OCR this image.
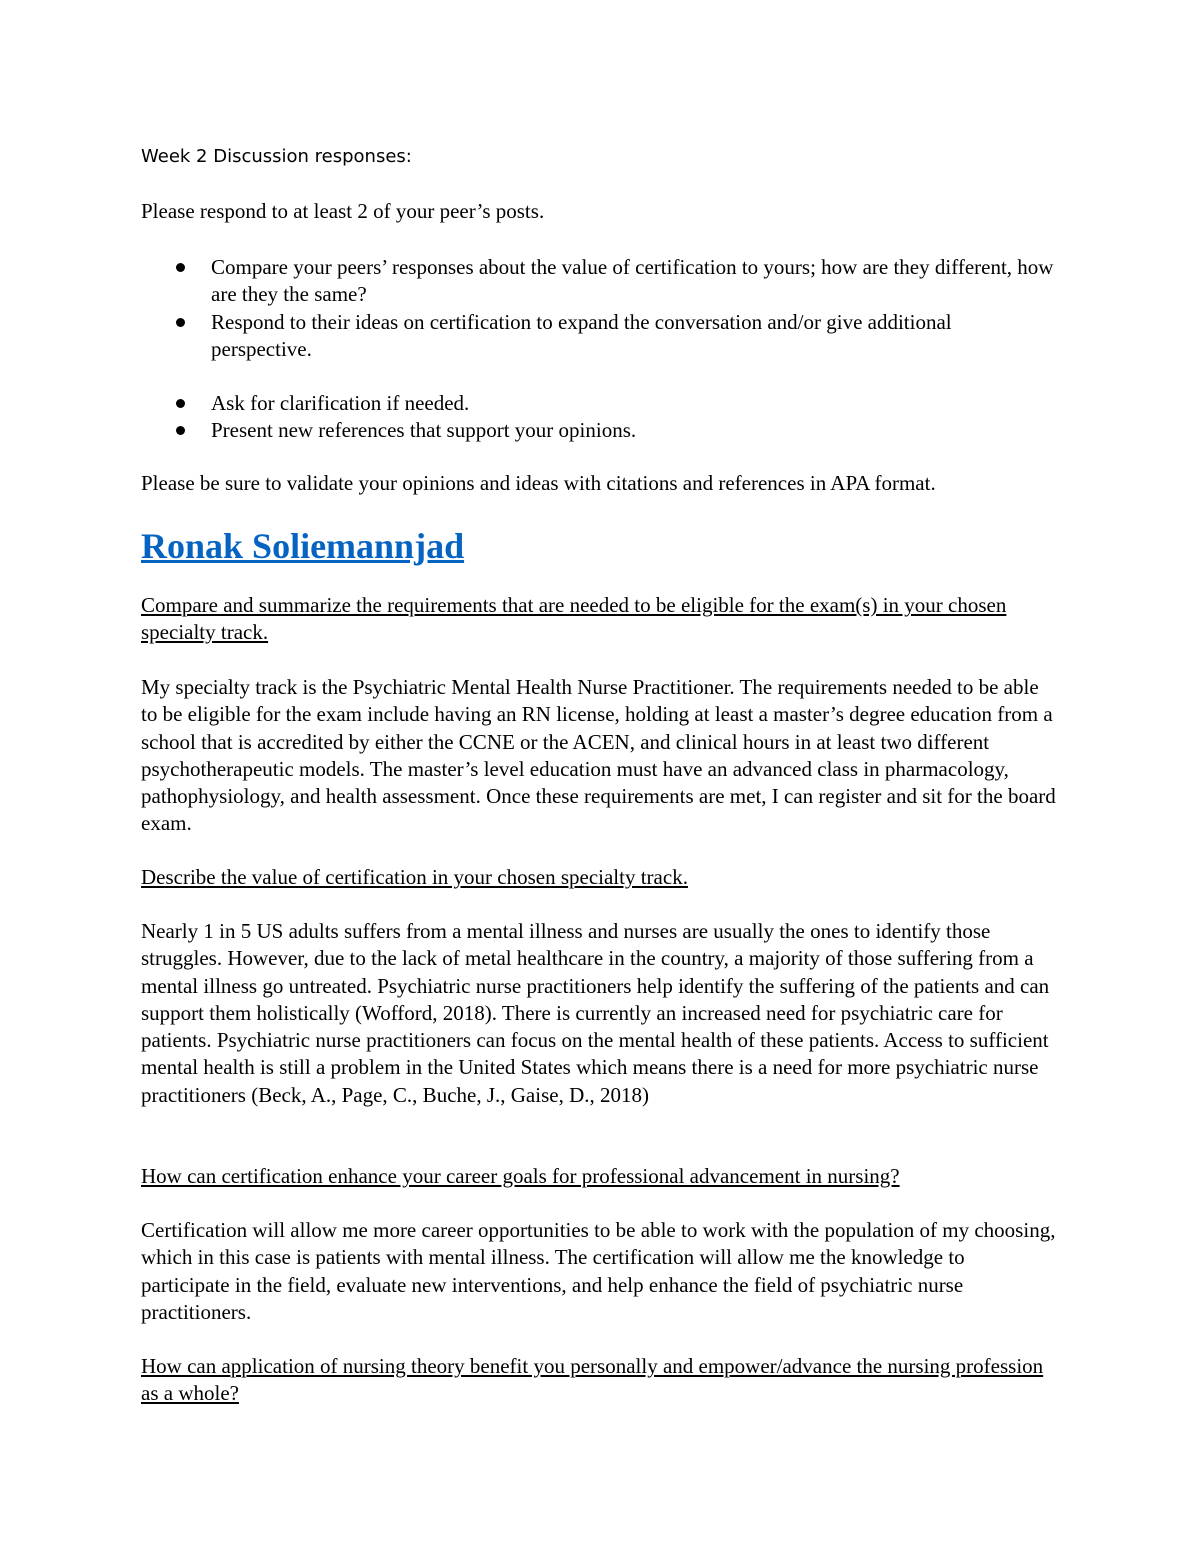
Week 2 Discussion responses:

Please respond to at least 2 of your peer’s posts.

Compare your peers’ responses about the value of certification to yours; how are they different, how are they the same?
Respond to their ideas on certification to expand the conversation and/or give additional perspective.
Ask for clarification if needed.
Present new references that support your opinions.

Please be sure to validate your opinions and ideas with citations and references in APA format.

Ronak Soliemannjad

Compare and summarize the requirements that are needed to be eligible for the exam(s) in your chosen specialty track.

My specialty track is the Psychiatric Mental Health Nurse Practitioner. The requirements needed to be able to be eligible for the exam include having an RN license, holding at least a master’s degree education from a school that is accredited by either the CCNE or the ACEN, and clinical hours in at least two different psychotherapeutic models. The master’s level education must have an advanced class in pharmacology, pathophysiology, and health assessment. Once these requirements are met, I can register and sit for the board exam.

Describe the value of certification in your chosen specialty track.

Nearly 1 in 5 US adults suffers from a mental illness and nurses are usually the ones to identify those struggles. However, due to the lack of metal healthcare in the country, a majority of those suffering from a mental illness go untreated. Psychiatric nurse practitioners help identify the suffering of the patients and can support them holistically (Wofford, 2018). There is currently an increased need for psychiatric care for patients. Psychiatric nurse practitioners can focus on the mental health of these patients. Access to sufficient mental health is still a problem in the United States which means there is a need for more psychiatric nurse practitioners (Beck, A., Page, C., Buche, J., Gaise, D., 2018)

How can certification enhance your career goals for professional advancement in nursing?

Certification will allow me more career opportunities to be able to work with the population of my choosing, which in this case is patients with mental illness. The certification will allow me the knowledge to participate in the field, evaluate new interventions, and help enhance the field of psychiatric nurse practitioners.

How can application of nursing theory benefit you personally and empower/advance the nursing profession as a whole?
